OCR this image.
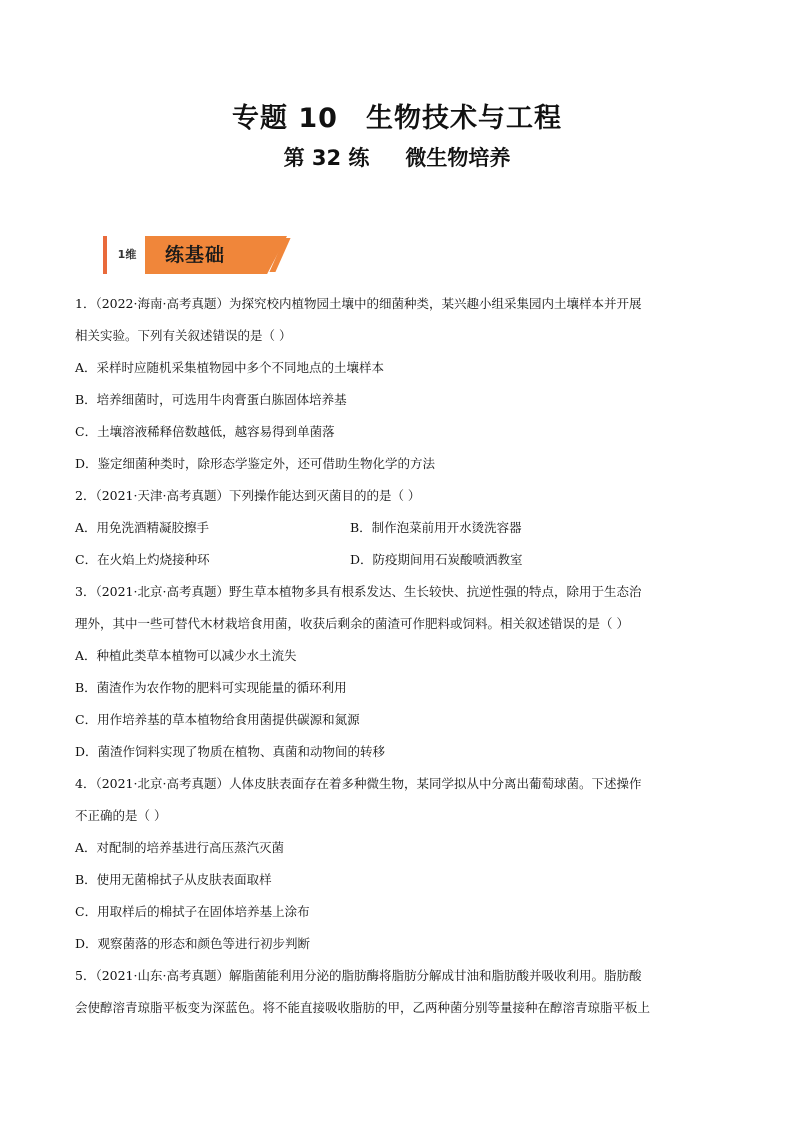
专题 10 生物技术与工程
第 32 练 微生物培养
1维	练基础

1．（2022·海南·高考真题）为探究校内植物园土壤中的细菌种类，某兴趣小组采集园内土壤样本并开展

相关实验。下列有关叙述错误的是（ ）

A．采样时应随机采集植物园中多个不同地点的土壤样本

B．培养细菌时，可选用牛肉膏蛋白胨固体培养基

C．土壤溶液稀释倍数越低，越容易得到单菌落

D．鉴定细菌种类时，除形态学鉴定外，还可借助生物化学的方法

2．（2021·天津·高考真题）下列操作能达到灭菌目的的是（ ）

A．用免洗酒精凝胶擦手	B．制作泡菜前用开水烫洗容器

C．在火焰上灼烧接种环	D．防疫期间用石炭酸喷洒教室

3．（2021·北京·高考真题）野生草本植物多具有根系发达、生长较快、抗逆性强的特点，除用于生态治

理外，其中一些可替代木材栽培食用菌，收获后剩余的菌渣可作肥料或饲料。相关叙述错误的是（ ）

A．种植此类草本植物可以减少水土流失

B．菌渣作为农作物的肥料可实现能量的循环利用

C．用作培养基的草本植物给食用菌提供碳源和氮源

D．菌渣作饲料实现了物质在植物、真菌和动物间的转移

4．（2021·北京·高考真题）人体皮肤表面存在着多种微生物，某同学拟从中分离出葡萄球菌。下述操作

不正确的是（ ）

A．对配制的培养基进行高压蒸汽灭菌

B．使用无菌棉拭子从皮肤表面取样

C．用取样后的棉拭子在固体培养基上涂布

D．观察菌落的形态和颜色等进行初步判断

5．（2021·山东·高考真题）解脂菌能利用分泌的脂肪酶将脂肪分解成甘油和脂肪酸并吸收利用。脂肪酸

会使醇溶青琼脂平板变为深蓝色。将不能直接吸收脂肪的甲，乙两种菌分别等量接种在醇溶青琼脂平板上
